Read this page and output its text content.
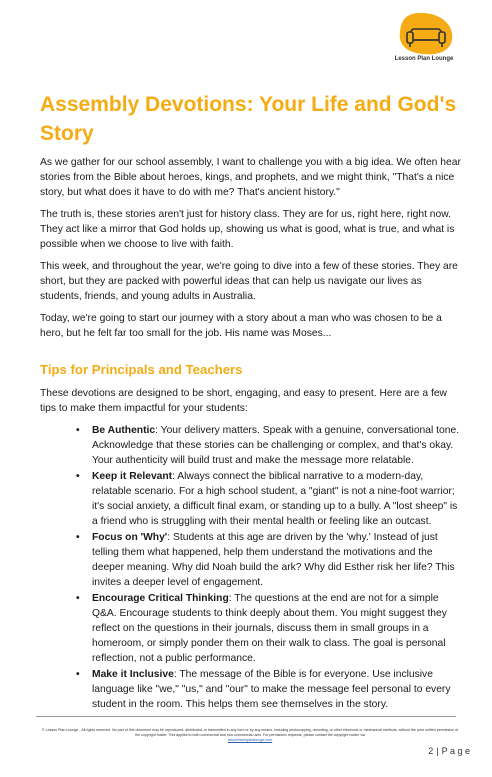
Lesson Plan Lounge
Assembly Devotions: Your Life and God's Story

As we gather for our school assembly, I want to challenge you with a big idea. We often hear stories from the Bible about heroes, kings, and prophets, and we might think, "That's a nice story, but what does it have to do with me? That's ancient history."

The truth is, these stories aren't just for history class. They are for us, right here, right now. They act like a mirror that God holds up, showing us what is good, what is true, and what is possible when we choose to live with faith.

This week, and throughout the year, we're going to dive into a few of these stories. They are short, but they are packed with powerful ideas that can help us navigate our lives as students, friends, and young adults in Australia.

Today, we're going to start our journey with a story about a man who was chosen to be a hero, but he felt far too small for the job. His name was Moses...

Tips for Principals and Teachers

These devotions are designed to be short, engaging, and easy to present. Here are a few tips to make them impactful for your students:

• Be Authentic: Your delivery matters. Speak with a genuine, conversational tone. Acknowledge that these stories can be challenging or complex, and that's okay. Your authenticity will build trust and make the message more relatable.
• Keep it Relevant: Always connect the biblical narrative to a modern-day, relatable scenario. For a high school student, a "giant" is not a nine-foot warrior; it's social anxiety, a difficult final exam, or standing up to a bully. A "lost sheep" is a friend who is struggling with their mental health or feeling like an outcast.
• Focus on 'Why': Students at this age are driven by the 'why.' Instead of just telling them what happened, help them understand the motivations and the deeper meaning. Why did Noah build the ark? Why did Esther risk her life? This invites a deeper level of engagement.
• Encourage Critical Thinking: The questions at the end are not for a simple Q&A. Encourage students to think deeply about them. You might suggest they reflect on the questions in their journals, discuss them in small groups in a homeroom, or simply ponder them on their walk to class. The goal is personal reflection, not a public performance.
• Make it Inclusive: The message of the Bible is for everyone. Use inclusive language like "we," "us," and "our" to make the message feel personal to every student in the room. This helps them see themselves in the story.
© Lesson Plan Lounge - All rights reserved. No part of this document may be reproduced, distributed, or transmitted in any form or by any means, including photocopying, recording, or other electronic or mechanical methods, without the prior written permission of the copyright holder. This applies to both commercial and non-commercial uses. For permission requests, please contact the copyright holder via
www.lessonplanlounge.com
2 | P a g e
